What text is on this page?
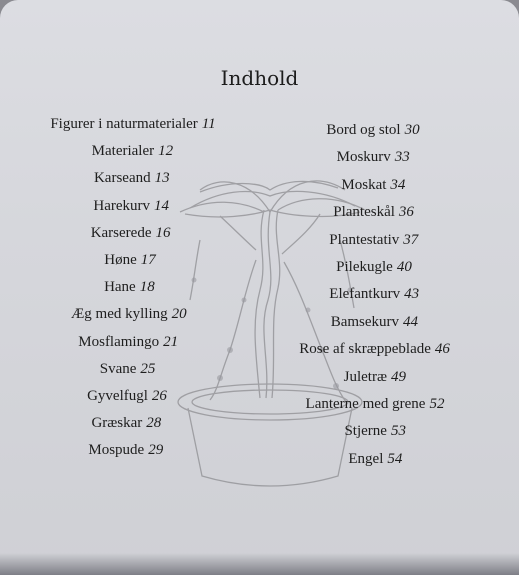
Indhold
Figurer i naturmaterialer 11
Materialer 12
Karseand 13
Harekurv 14
Karserede 16
Høne 17
Hane 18
Æg med kylling 20
Mosflamingo 21
Svane 25
Gyvelfugl 26
Græskar 28
Mospude 29
Bord og stol 30
Moskurv 33
Moskat 34
Planteskål 36
Plantestativ 37
Pilekugle 40
Elefantkurv 43
Bamsekurv 44
Rose af skræppeblade 46
Juletræ 49
Lanterne med grene 52
Stjerne 53
Engel 54
